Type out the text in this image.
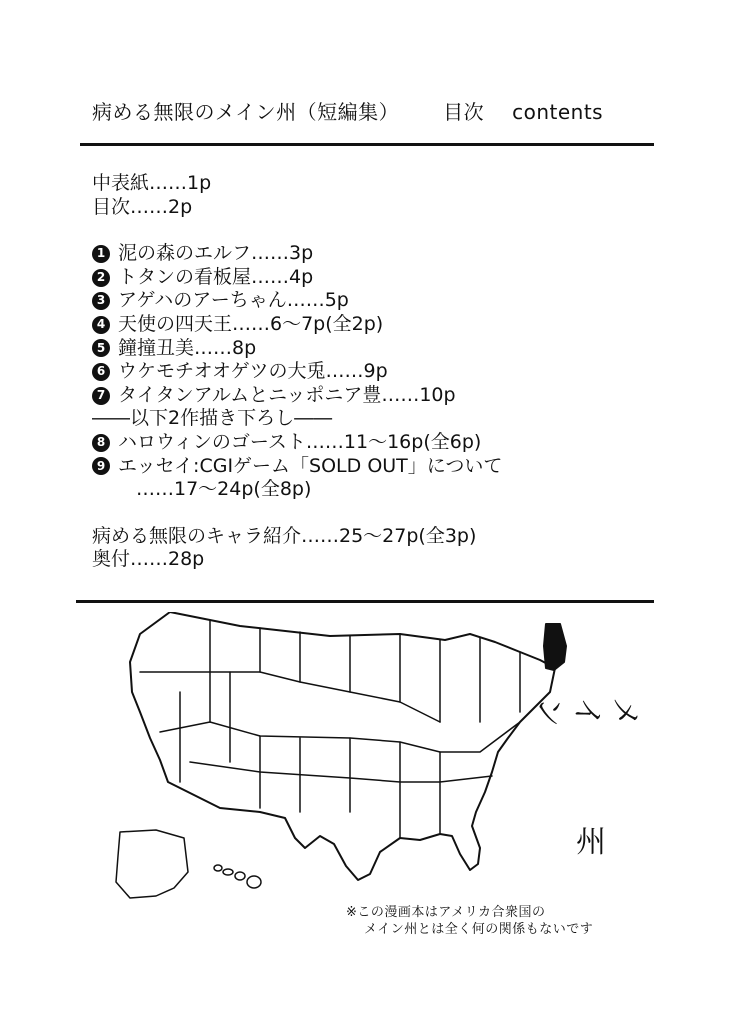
病める無限のメイン州（短編集） 目次 contents
中表紙……1p
目次……2p
1 泥の森のエルフ……3p
2 トタンの看板屋……4p
3 アゲハのアーちゃん……5p
4 天使の四天王……6～7p(全2p)
5 鐘撞丑美……8p
6 ウケモチオオゲツの大兎……9p
7 タイタンアルムとニッポニア豊……10p
――以下2作描き下ろし――
8 ハロウィンのゴースト……11～16p(全6p)
9 エッセイ:CGIゲーム「SOLD OUT」について
……17～24p(全8p)
病める無限のキャラ紹介……25～27p(全3p)
奥付……28p
メイン
州
※この漫画本はアメリカ合衆国の
メイン州とは全く何の関係もないです
